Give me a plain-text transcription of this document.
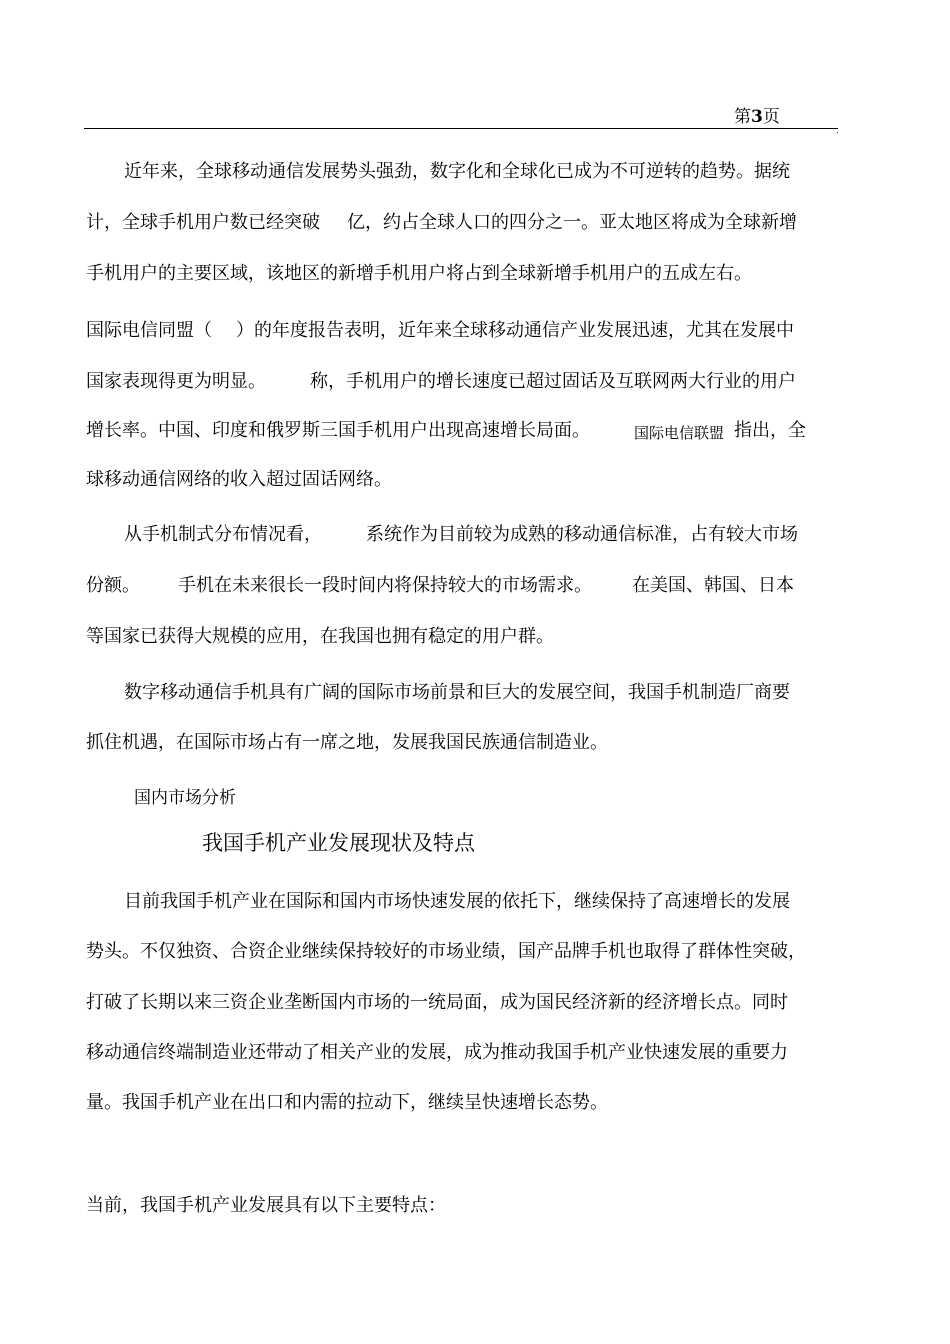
第3页
.
近年来，全球移动通信发展势头强劲，数字化和全球化已成为不可逆转的趋势。据统
计，全球手机用户数已经突破 亿，约占全球人口的四分之一。亚太地区将成为全球新增
手机用户的主要区域，该地区的新增手机用户将占到全球新增手机用户的五成左右。
国际电信同盟（ ）的年度报告表明，近年来全球移动通信产业发展迅速，尤其在发展中
国家表现得更为明显。 称，手机用户的增长速度已超过固话及互联网两大行业的用户
增长率。中国、印度和俄罗斯三国手机用户出现高速增长局面。	国际电信联盟 指出，全
球移动通信网络的收入超过固话网络。
从手机制式分布情况看， 系统作为目前较为成熟的移动通信标准，占有较大市场
份额。 手机在未来很长一段时间内将保持较大的市场需求。 在美国、韩国、日本
等国家已获得大规模的应用，在我国也拥有稳定的用户群。
数字移动通信手机具有广阔的国际市场前景和巨大的发展空间，我国手机制造厂商要
抓住机遇，在国际市场占有一席之地，发展我国民族通信制造业。
国内市场分析
我国手机产业发展现状及特点
目前我国手机产业在国际和国内市场快速发展的依托下，继续保持了高速增长的发展
势头。不仅独资、合资企业继续保持较好的市场业绩，国产品牌手机也取得了群体性突破，
打破了长期以来三资企业垄断国内市场的一统局面，成为国民经济新的经济增长点。同时
移动通信终端制造业还带动了相关产业的发展，成为推动我国手机产业快速发展的重要力
量。我国手机产业在出口和内需的拉动下，继续呈快速增长态势。
当前，我国手机产业发展具有以下主要特点：
